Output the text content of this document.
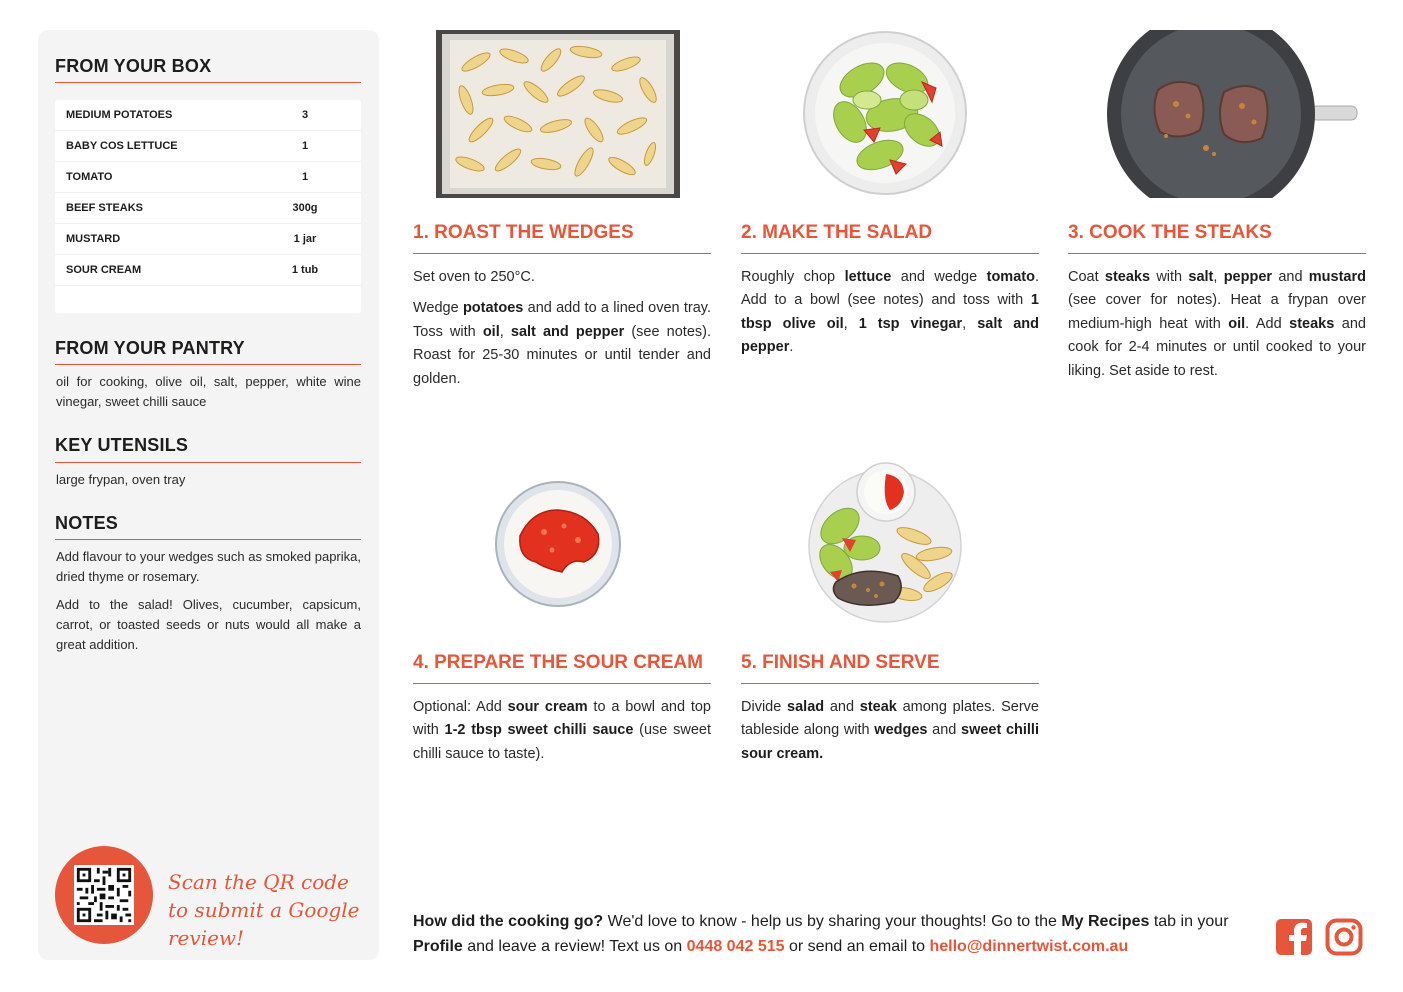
FROM YOUR BOX
MEDIUM POTATOES	3
BABY COS LETTUCE	1
TOMATO	1
BEEF STEAKS	300g
MUSTARD	1 jar
SOUR CREAM	1 tub
FROM YOUR PANTRY
oil for cooking, olive oil, salt, pepper, white wine vinegar, sweet chilli sauce
KEY UTENSILS
large frypan, oven tray
NOTES
Add flavour to your wedges such as smoked paprika, dried thyme or rosemary.
Add to the salad! Olives, cucumber, capsicum, carrot, or toasted seeds or nuts would all make a great addition.
Scan the QR code to submit a Google review!
1. ROAST THE WEDGES

Set oven to 250°C.

Wedge potatoes and add to a lined oven tray. Toss with oil, salt and pepper (see notes). Roast for 25-30 minutes or until tender and golden.

2. MAKE THE SALAD

Roughly chop lettuce and wedge tomato. Add to a bowl (see notes) and toss with 1 tbsp olive oil, 1 tsp vinegar, salt and pepper.

3. COOK THE STEAKS

Coat steaks with salt, pepper and mustard (see cover for notes). Heat a frypan over medium-high heat with oil. Add steaks and cook for 2-4 minutes or until cooked to your liking. Set aside to rest.

4. PREPARE THE SOUR CREAM

Optional: Add sour cream to a bowl and top with 1-2 tbsp sweet chilli sauce (use sweet chilli sauce to taste).

5. FINISH AND SERVE

Divide salad and steak among plates. Serve tableside along with wedges and sweet chilli sour cream.

How did the cooking go? We'd love to know - help us by sharing your thoughts! Go to the My Recipes tab in your Profile and leave a review! Text us on 0448 042 515 or send an email to hello@dinnertwist.com.au
